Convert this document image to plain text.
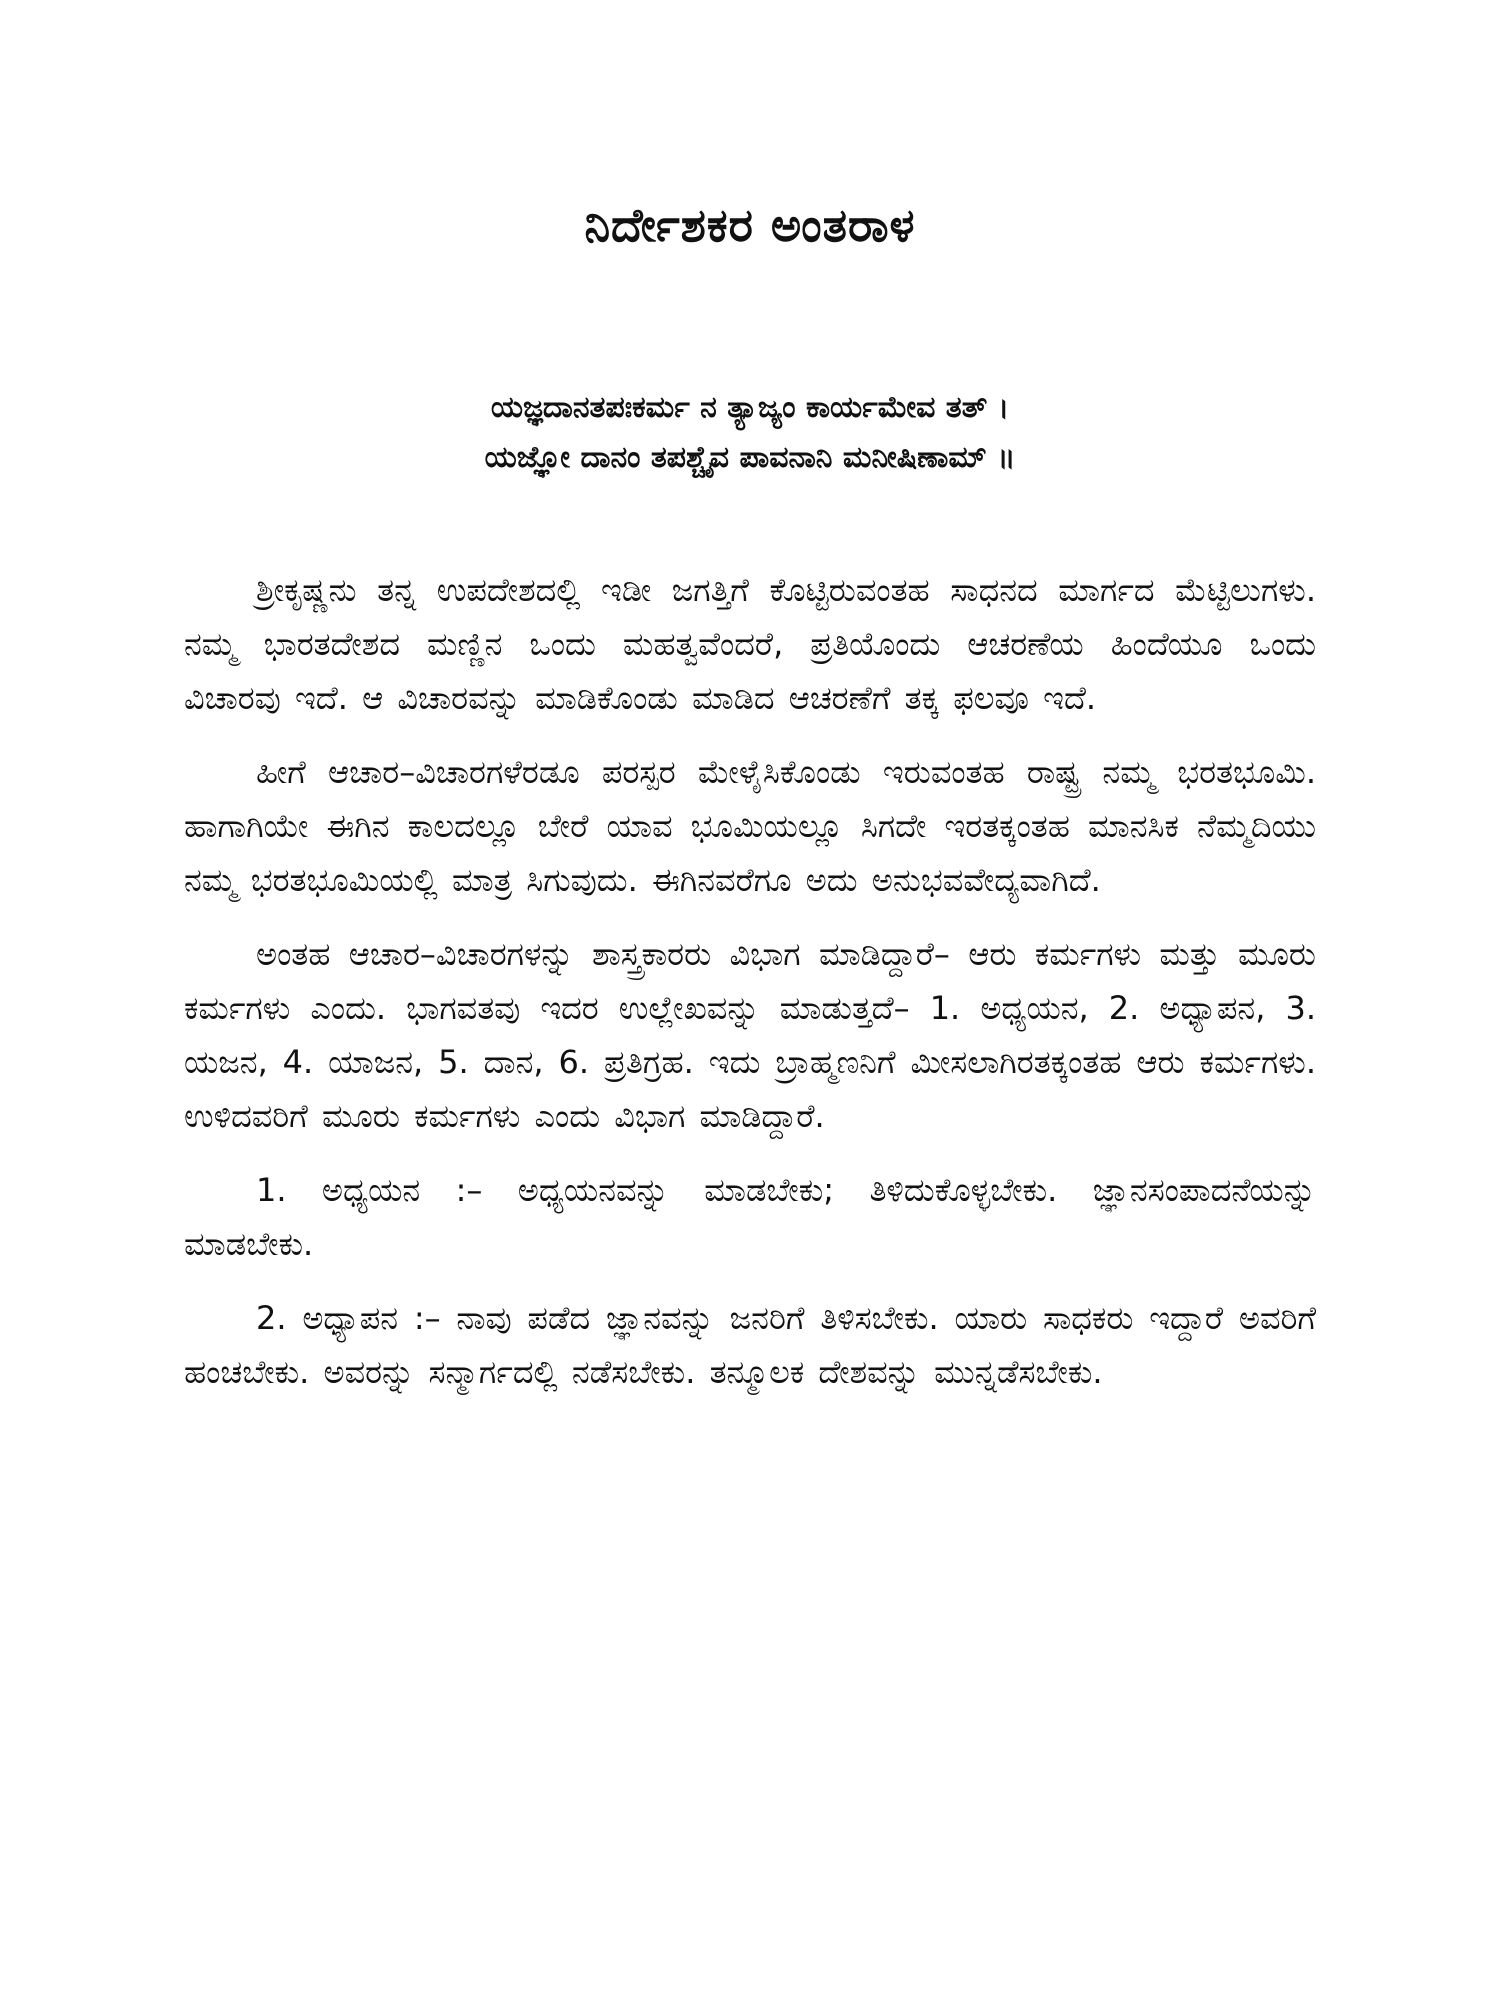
ನಿರ್ದೇಶಕರ ಅಂತರಾಳ
ಯಜ್ಞದಾನತಪಃಕರ್ಮ ನ ತ್ಯಾಜ್ಯಂ ಕಾರ್ಯಮೇವ ತತ್ ।
ಯಜ್ಞೋ ದಾನಂ ತಪಶ್ಚೈವ ಪಾವನಾನಿ ಮನೀಷಿಣಾಮ್ ॥

ಶ್ರೀಕೃಷ್ಣನು ತನ್ನ ಉಪದೇಶದಲ್ಲಿ ಇಡೀ ಜಗತ್ತಿಗೆ ಕೊಟ್ಟಿರುವಂತಹ ಸಾಧನದ ಮಾರ್ಗದ ಮೆಟ್ಟಿಲುಗಳು. ನಮ್ಮ ಭಾರತದೇಶದ ಮಣ್ಣಿನ ಒಂದು ಮಹತ್ವವೆಂದರೆ, ಪ್ರತಿಯೊಂದು ಆಚರಣೆಯ ಹಿಂದೆಯೂ ಒಂದು ವಿಚಾರವು ಇದೆ. ಆ ವಿಚಾರವನ್ನು ಮಾಡಿಕೊಂಡು ಮಾಡಿದ ಆಚರಣೆಗೆ ತಕ್ಕ ಫಲವೂ ಇದೆ.

ಹೀಗೆ ಆಚಾರ–ವಿಚಾರಗಳೆರಡೂ ಪರಸ್ಪರ ಮೇಳೈಸಿಕೊಂಡು ಇರುವಂತಹ ರಾಷ್ಟ್ರ ನಮ್ಮ ಭರತಭೂಮಿ. ಹಾಗಾಗಿಯೇ ಈಗಿನ ಕಾಲದಲ್ಲೂ ಬೇರೆ ಯಾವ ಭೂಮಿಯಲ್ಲೂ ಸಿಗದೇ ಇರತಕ್ಕಂತಹ ಮಾನಸಿಕ ನೆಮ್ಮದಿಯು ನಮ್ಮ ಭರತಭೂಮಿಯಲ್ಲಿ ಮಾತ್ರ ಸಿಗುವುದು. ಈಗಿನವರೆಗೂ ಅದು ಅನುಭವವೇದ್ಯವಾಗಿದೆ.

ಅಂತಹ ಆಚಾರ–ವಿಚಾರಗಳನ್ನು ಶಾಸ್ತ್ರಕಾರರು ವಿಭಾಗ ಮಾಡಿದ್ದಾರೆ– ಆರು ಕರ್ಮಗಳು ಮತ್ತು ಮೂರು ಕರ್ಮಗಳು ಎಂದು. ಭಾಗವತವು ಇದರ ಉಲ್ಲೇಖವನ್ನು ಮಾಡುತ್ತದೆ– 1. ಅಧ್ಯಯನ, 2. ಅಧ್ಯಾಪನ, 3. ಯಜನ, 4. ಯಾಜನ, 5. ದಾನ, 6. ಪ್ರತಿಗ್ರಹ. ಇದು ಬ್ರಾಹ್ಮಣನಿಗೆ ಮೀಸಲಾಗಿರತಕ್ಕಂತಹ ಆರು ಕರ್ಮಗಳು. ಉಳಿದವರಿಗೆ ಮೂರು ಕರ್ಮಗಳು ಎಂದು ವಿಭಾಗ ಮಾಡಿದ್ದಾರೆ.

1. ಅಧ್ಯಯನ :– ಅಧ್ಯಯನವನ್ನು ಮಾಡಬೇಕು; ತಿಳಿದುಕೊಳ್ಳಬೇಕು. ಜ್ಞಾನಸಂಪಾದನೆಯನ್ನು ಮಾಡಬೇಕು.

2. ಅಧ್ಯಾಪನ :– ನಾವು ಪಡೆದ ಜ್ಞಾನವನ್ನು ಜನರಿಗೆ ತಿಳಿಸಬೇಕು. ಯಾರು ಸಾಧಕರು ಇದ್ದಾರೆ ಅವರಿಗೆ ಹಂಚಬೇಕು. ಅವರನ್ನು ಸನ್ಮಾರ್ಗದಲ್ಲಿ ನಡೆಸಬೇಕು. ತನ್ಮೂಲಕ ದೇಶವನ್ನು ಮುನ್ನಡೆಸಬೇಕು.
